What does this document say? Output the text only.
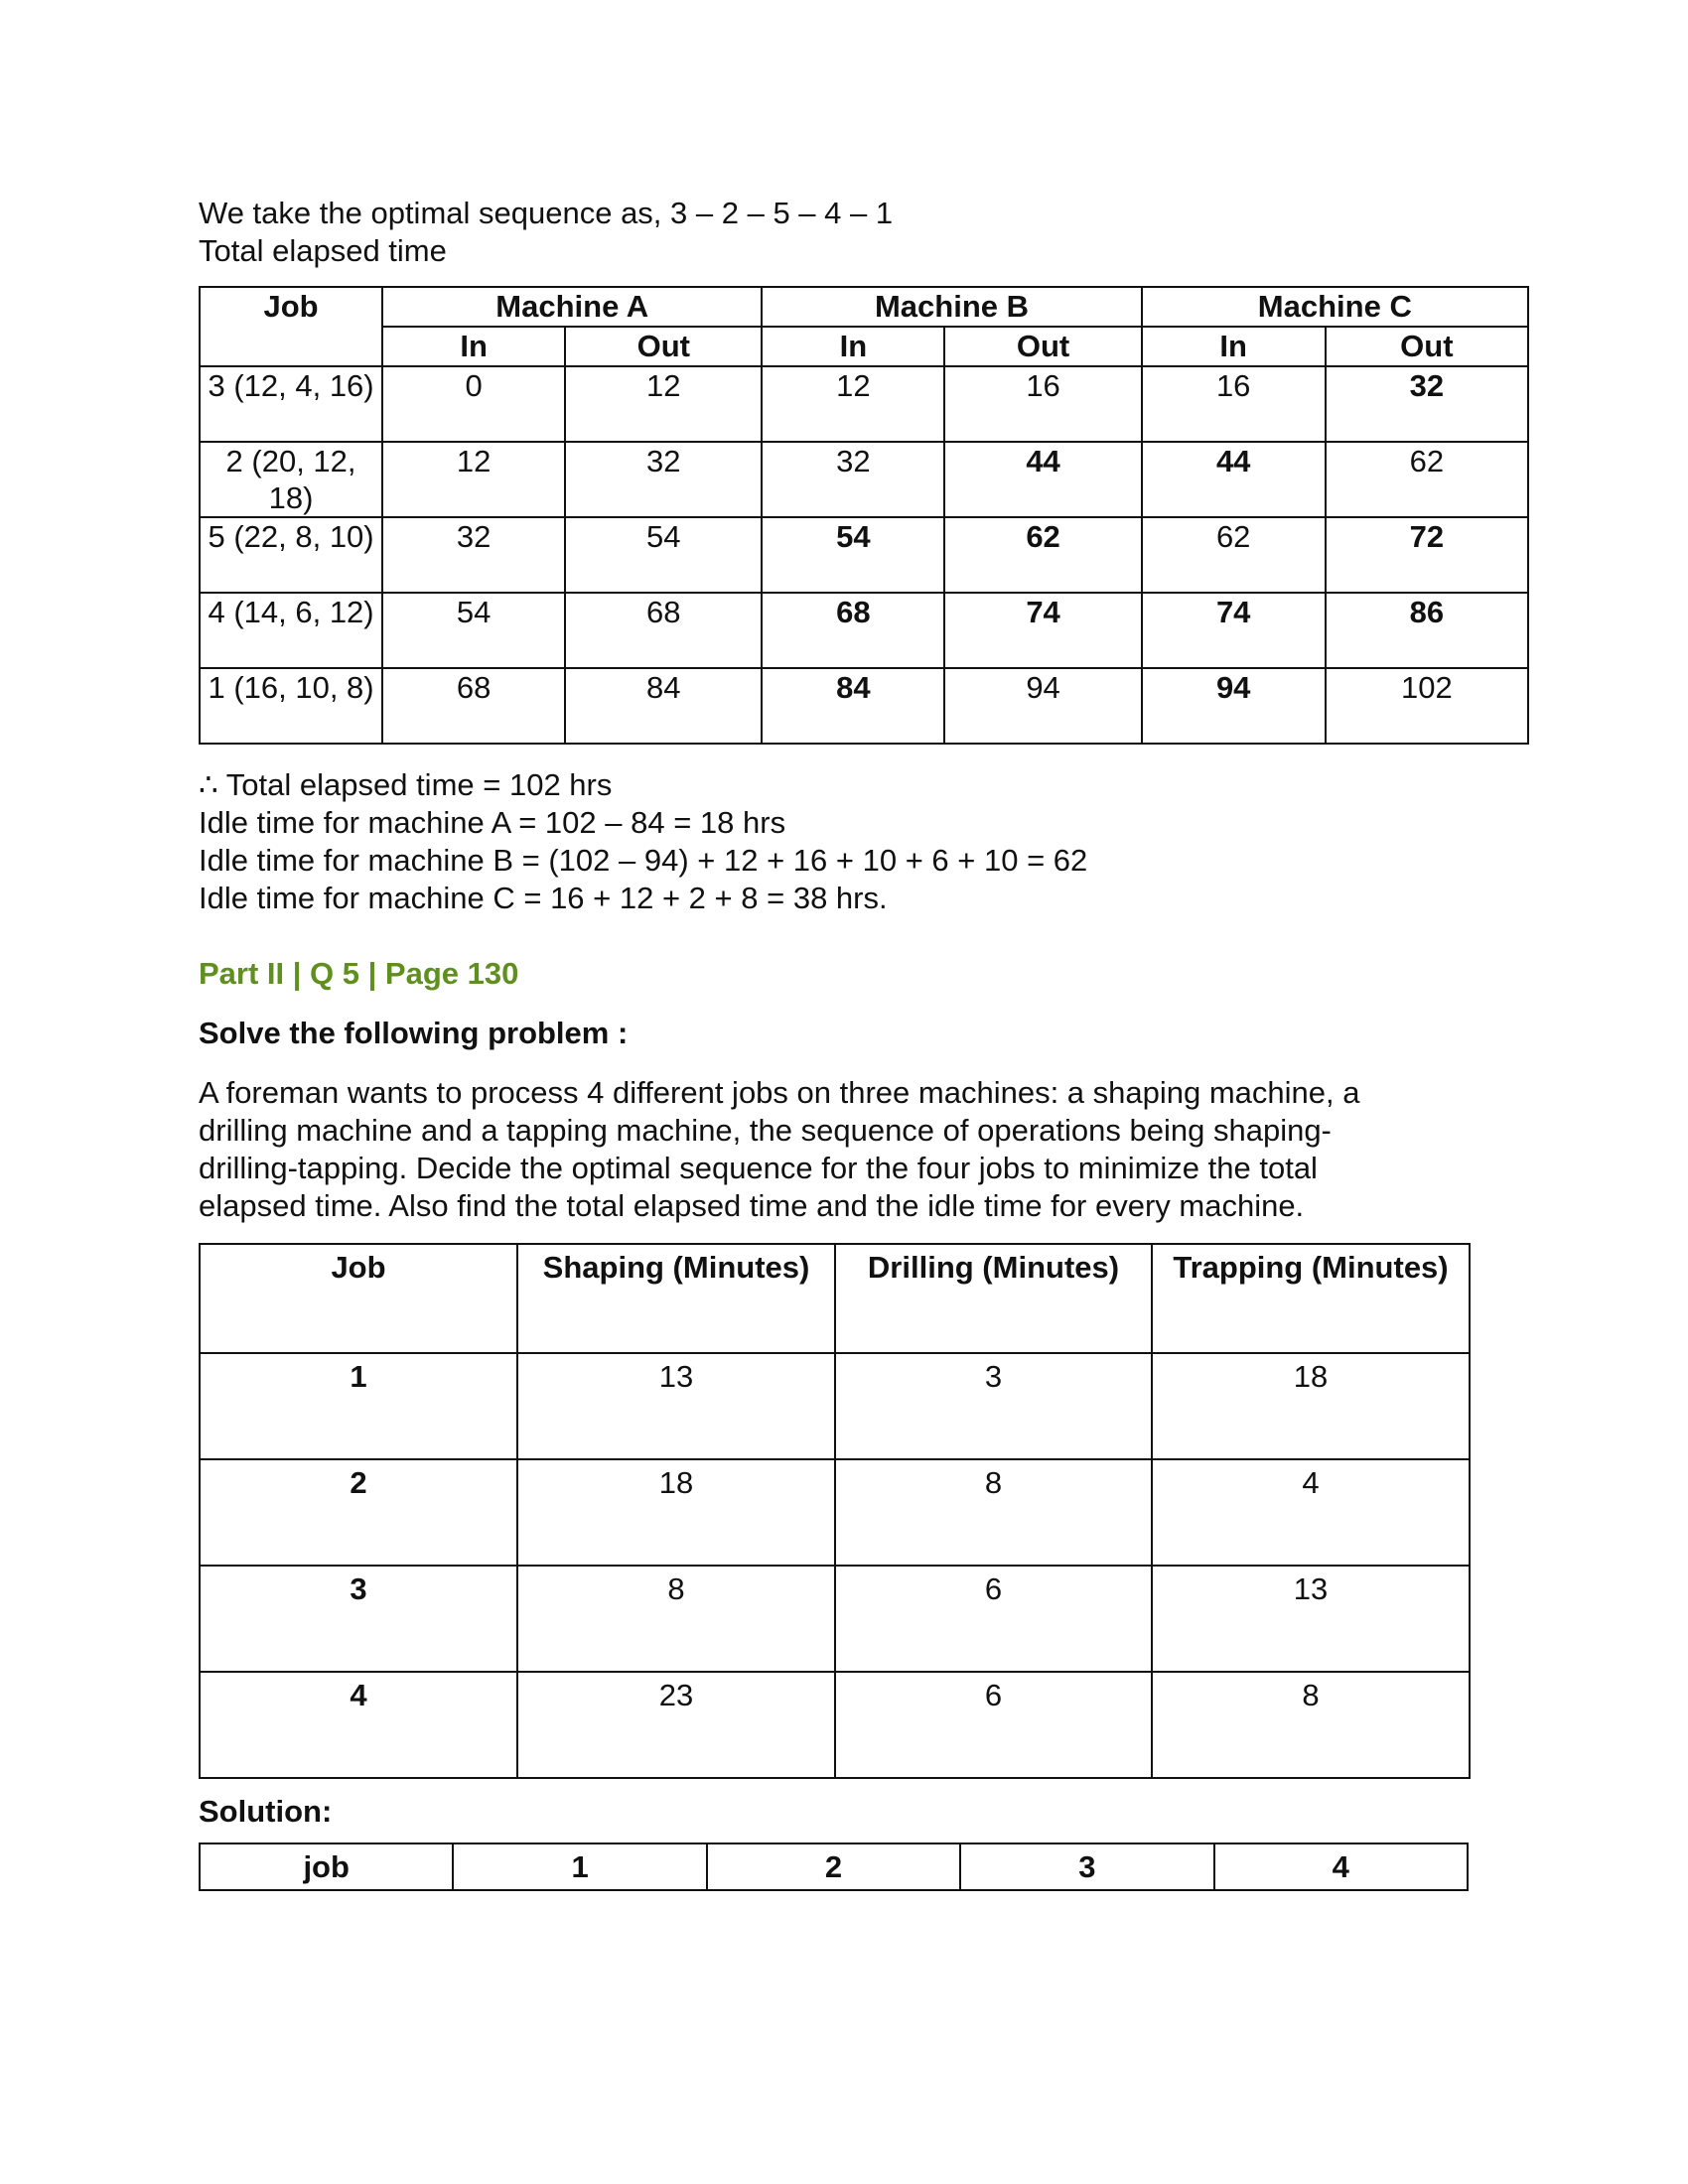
We take the optimal sequence as, 3 – 2 – 5 – 4 – 1

Total elapsed time

Job	Machine A		Machine B		Machine C	
	In	Out	In	Out	In	Out
3 (12, 4, 16)	0	12	12	16	16	32
2 (20, 12, 18)	12	32	32	44	44	62
5 (22, 8, 10)	32	54	54	62	62	72
4 (14, 6, 12)	54	68	68	74	74	86
1 (16, 10, 8)	68	84	84	94	94	102

∴ Total elapsed time = 102 hrs

Idle time for machine A = 102 – 84 = 18 hrs

Idle time for machine B = (102 – 94) + 12 + 16 + 10 + 6 + 10 = 62

Idle time for machine C = 16 + 12 + 2 + 8 = 38 hrs.

Part II | Q 5 | Page 130

Solve the following problem :

A foreman wants to process 4 different jobs on three machines: a shaping machine, a

drilling machine and a tapping machine, the sequence of operations being shaping-

drilling-tapping. Decide the optimal sequence for the four jobs to minimize the total

elapsed time. Also find the total elapsed time and the idle time for every machine.

Job	Shaping (Minutes)	Drilling (Minutes)	Trapping (Minutes)
1	13	3	18
2	18	8	4
3	8	6	13
4	23	6	8

Solution:

job	1	2	3	4
